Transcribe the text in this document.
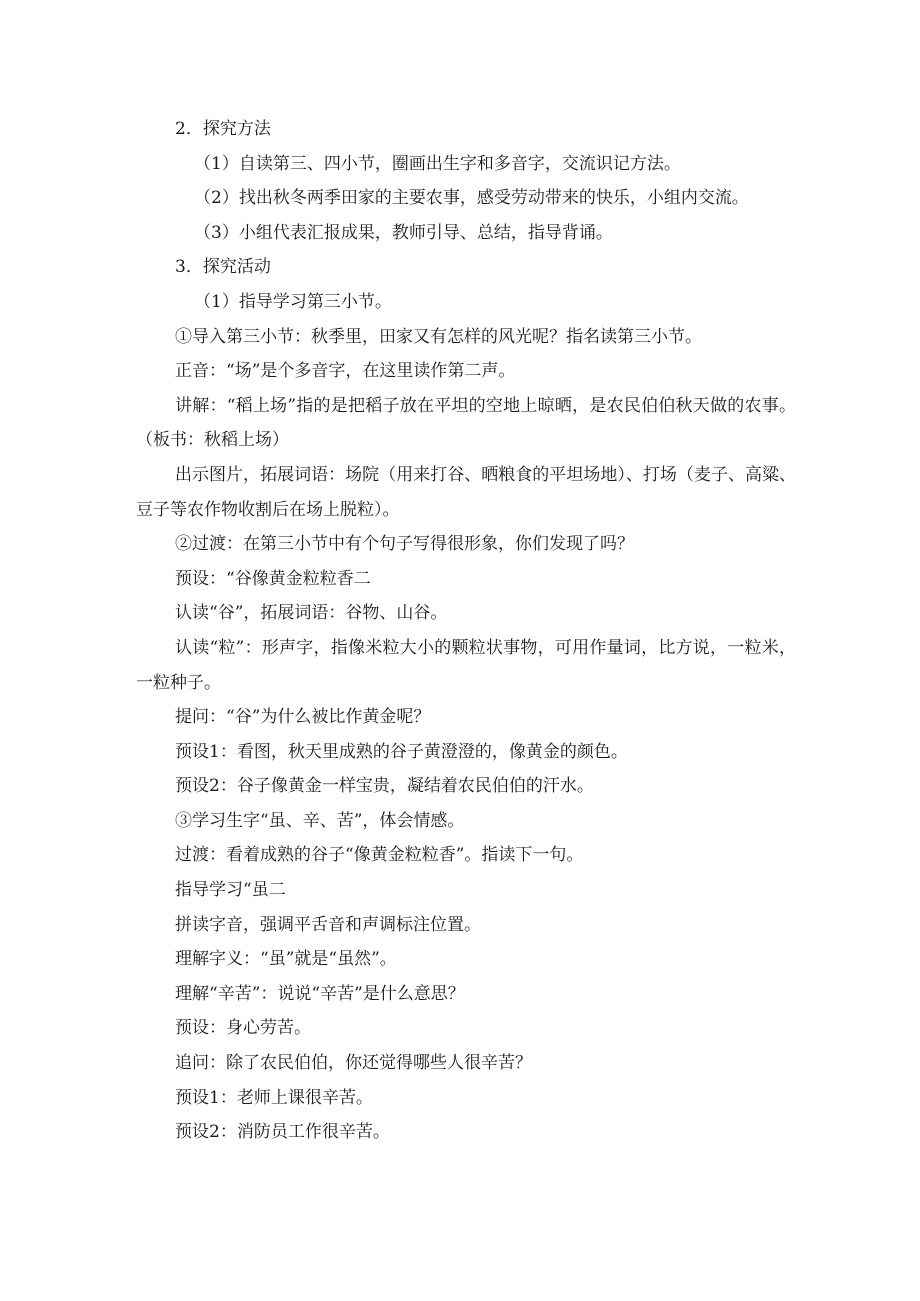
2．探究方法

（1）自读第三、四小节，圈画出生字和多音字，交流识记方法。

（2）找出秋冬两季田家的主要农事，感受劳动带来的快乐，小组内交流。

（3）小组代表汇报成果，教师引导、总结，指导背诵。

3．探究活动

（1）指导学习第三小节。

①导入第三小节：秋季里，田家又有怎样的风光呢？指名读第三小节。

正音：“场”是个多音字，在这里读作第二声。

讲解：“稻上场”指的是把稻子放在平坦的空地上晾晒，是农民伯伯秋天做的农事。（板书：秋稻上场）

出示图片，拓展词语：场院（用来打谷、晒粮食的平坦场地）、打场（麦子、高粱、豆子等农作物收割后在场上脱粒）。

②过渡：在第三小节中有个句子写得很形象，你们发现了吗？

预设：“谷像黄金粒粒香二

认读“谷”，拓展词语：谷物、山谷。

认读“粒”：形声字，指像米粒大小的颗粒状事物，可用作量词，比方说，一粒米，一粒种子。

提问：“谷”为什么被比作黄金呢？

预设1：看图，秋天里成熟的谷子黄澄澄的，像黄金的颜色。

预设2：谷子像黄金一样宝贵，凝结着农民伯伯的汗水。

③学习生字“虽、辛、苦”，体会情感。

过渡：看着成熟的谷子“像黄金粒粒香”。指读下一句。

指导学习“虽二

拼读字音，强调平舌音和声调标注位置。

理解字义：“虽”就是“虽然”。

理解“辛苦”：说说“辛苦”是什么意思？

预设：身心劳苦。

追问：除了农民伯伯，你还觉得哪些人很辛苦？

预设1：老师上课很辛苦。

预设2：消防员工作很辛苦。
